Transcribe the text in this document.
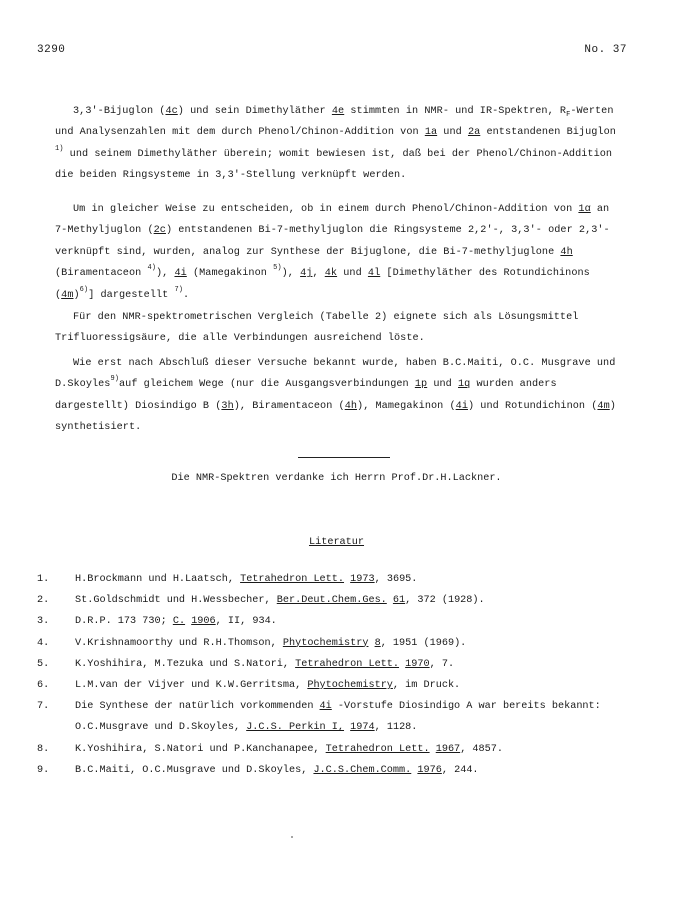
3290	No. 37

3,3'-Bijuglon (4c) und sein Dimethyläther 4e stimmten in NMR- und IR-Spektren, $R_F$-Werten und Analysenzahlen mit dem durch Phenol/Chinon-Addition von 1a und 2a entstandenen Bijuglon $^{1)}$ und seinem Dimethyläther überein; womit bewiesen ist, daß bei der Phenol/Chinon-Addition die beiden Ringsysteme in 3,3'-Stellung verknüpft werden.

Um in gleicher Weise zu entscheiden, ob in einem durch Phenol/Chinon-Addition von 1α an 7-Methyljuglon (2c) entstandenen Bi-7-methyljuglon die Ringsysteme 2,2'-, 3,3'- oder 2,3'-verknüpft sind, wurden, analog zur Synthese der Bijuglone, die Bi-7-methyljuglone 4h (Biramentaceon $^{4)}$), 4i (Mamegakinon $^{5)}$), 4j, 4k und 4l [Dimethyläther des Rotundichinons $(4m)^{6)}$] dargestellt $^{7)}$.

Für den NMR-spektrometrischen Vergleich (Tabelle 2) eignete sich als Lösungsmittel Trifluoressigsäure, die alle Verbindungen ausreichend löste.

Wie erst nach Abschluß dieser Versuche bekannt wurde, haben B.C.Maiti, O.C. Musgrave und D.Skoyles$^{9)}$auf gleichem Wege (nur die Ausgangsverbindungen 1p und 1q wurden anders dargestellt) Diosindigo B (3h), Biramentaceon (4h), Mamegakinon (4i) und Rotundichinon (4m) synthetisiert.

Die NMR-Spektren verdanke ich Herrn Prof.Dr.H.Lackner.
Literatur
1.	H.Brockmann und H.Laatsch, Tetrahedron Lett. 1973, 3695.
2.	St.Goldschmidt und H.Wessbecher, Ber.Deut.Chem.Ges. 61, 372 (1928).
3.	D.R.P. 173 730; C. 1906, II, 934.
4.	V.Krishnamoorthy und R.H.Thomson, Phytochemistry 8, 1951 (1969).
5.	K.Yoshihira, M.Tezuka und S.Natori, Tetrahedron Lett. 1970, 7.
6.	L.M.van der Vijver und K.W.Gerritsma, Phytochemistry, im Druck.
7.	Die Synthese der natürlich vorkommenden 4i -Vorstufe Diosindigo A war bereits bekannt: O.C.Musgrave und D.Skoyles, J.C.S. Perkin I, 1974, 1128.
8.	K.Yoshihira, S.Natori und P.Kanchanapee, Tetrahedron Lett. 1967, 4857.
9.	B.C.Maiti, O.C.Musgrave und D.Skoyles, J.C.S.Chem.Comm. 1976, 244.
